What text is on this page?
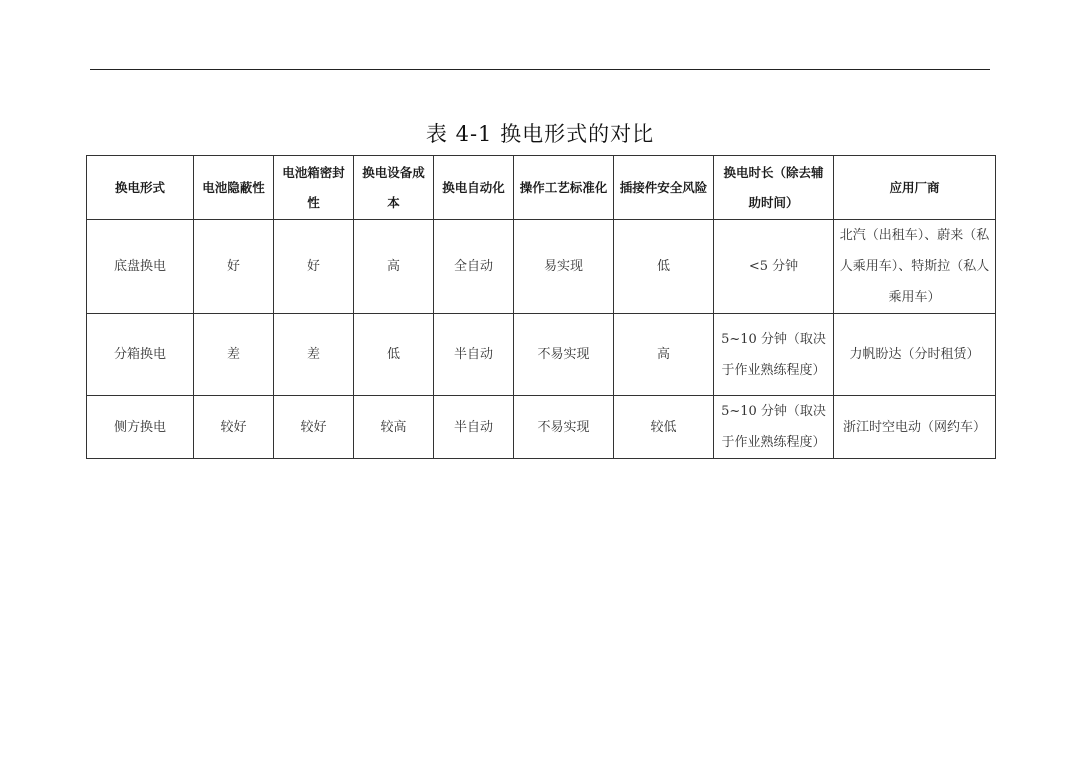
表 4-1 换电形式的对比
换电形式	电池隐蔽性	电池箱密封性	换电设备成本	换电自动化	操作工艺标准化	插接件安全风险	换电时长（除去辅助时间）	应用厂商
底盘换电	好	好	高	全自动	易实现	低	<5 分钟	北汽（出租车）、蔚来（私人乘用车）、特斯拉（私人乘用车）
分箱换电	差	差	低	半自动	不易实现	高	5~10 分钟（取决于作业熟练程度）	力帆盼达（分时租赁）
侧方换电	较好	较好	较高	半自动	不易实现	较低	5~10 分钟（取决于作业熟练程度）	浙江时空电动（网约车）
